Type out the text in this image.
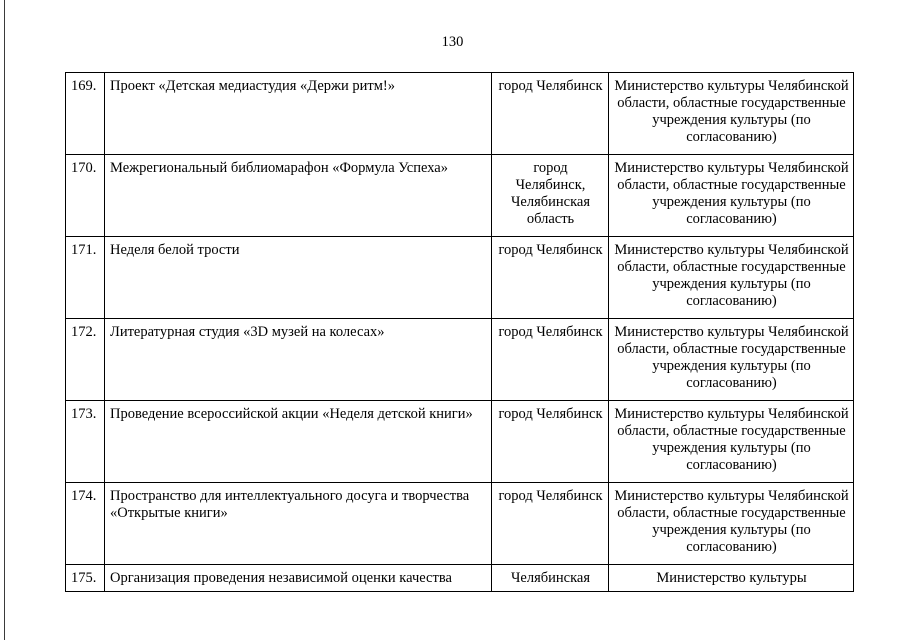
130
169.	Проект «Детская медиастудия «Держи ритм!»	город Челябинск	Министерство культуры Челябинской области, областные государственные учреждения культуры (по согласованию)
170.	Межрегиональный библиомарафон «Формула Успеха»	город Челябинск, Челябинская область	Министерство культуры Челябинской области, областные государственные учреждения культуры (по согласованию)
171.	Неделя белой трости	город Челябинск	Министерство культуры Челябинской области, областные государственные учреждения культуры (по согласованию)
172.	Литературная студия «3D музей на колесах»	город Челябинск	Министерство культуры Челябинской области, областные государственные учреждения культуры (по согласованию)
173.	Проведение всероссийской акции «Неделя детской книги»	город Челябинск	Министерство культуры Челябинской области, областные государственные учреждения культуры (по согласованию)
174.	Пространство для интеллектуального досуга и творчества «Открытые книги»	город Челябинск	Министерство культуры Челябинской области, областные государственные учреждения культуры (по согласованию)
175.	Организация проведения независимой оценки качества	Челябинская	Министерство культуры
